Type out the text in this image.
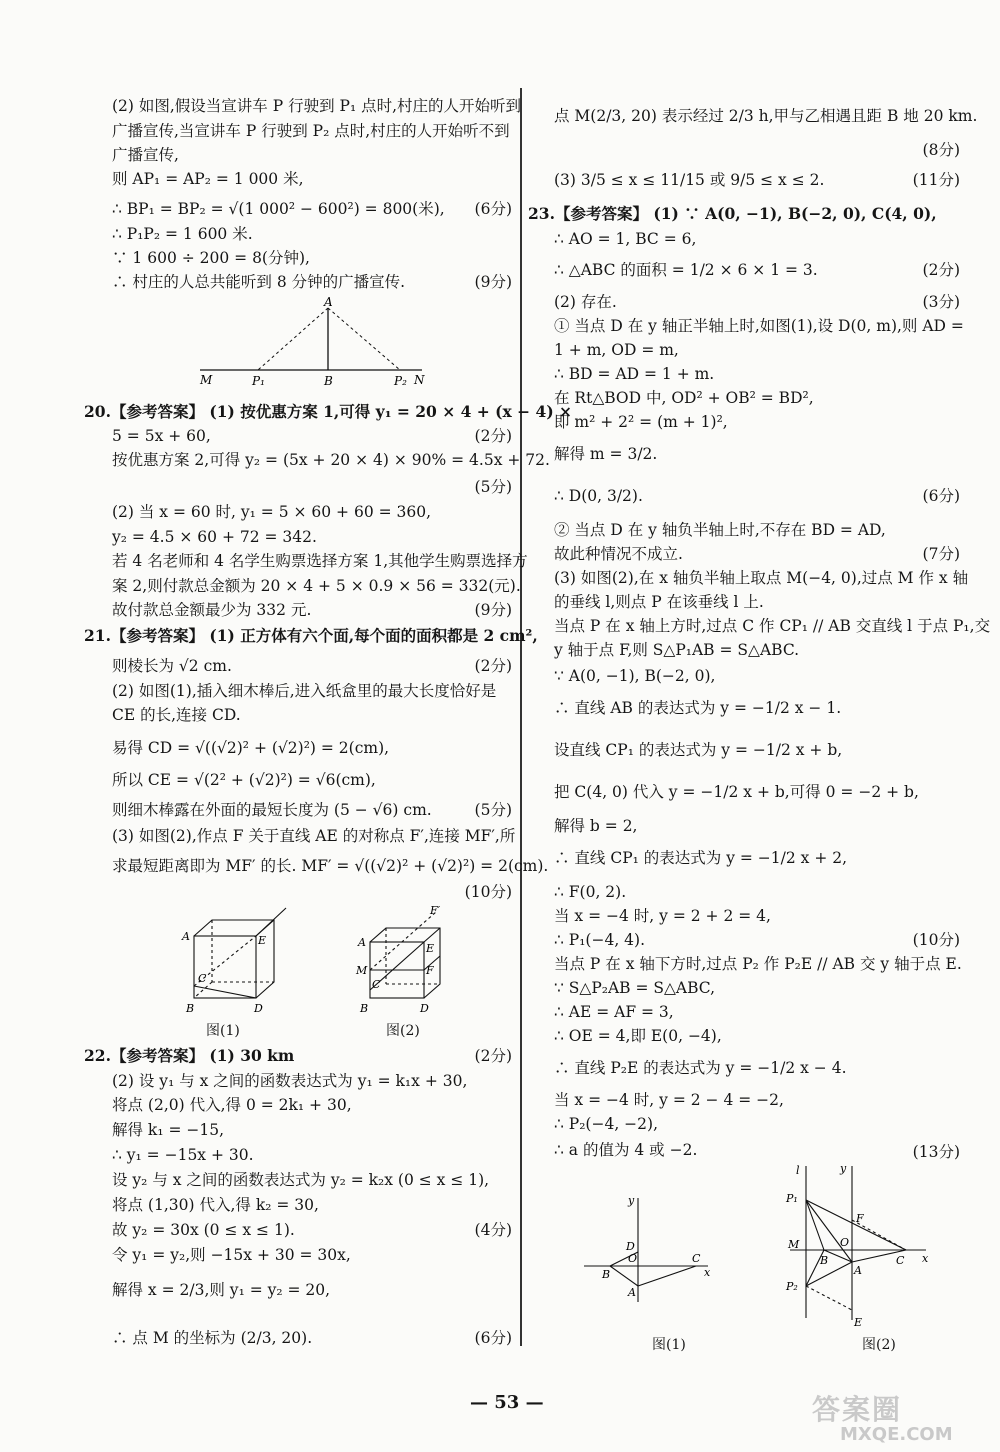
(2) 如图,假设当宣讲车 P 行驶到 P₁ 点时,村庄的人开始听到
广播宣传,当宣讲车 P 行驶到 P₂ 点时,村庄的人开始听不到
广播宣传,
则 AP₁ = AP₂ = 1 000 米,
∴ BP₁ = BP₂ = √(1 000² − 600²) = 800(米), (6分)
∴ P₁P₂ = 1 600 米.
∵ 1 600 ÷ 200 = 8(分钟),
∴ 村庄的人总共能听到 8 分钟的广播宣传.	(9分)
A
M	P₁	B	P₂ N
20.【参考答案】 (1) 按优惠方案 1,可得 y₁ = 20 × 4 + (x − 4) ×
5 = 5x + 60,	(2分)
按优惠方案 2,可得 y₂ = (5x + 20 × 4) × 90% = 4.5x + 72.
(5分)
(2) 当 x = 60 时, y₁ = 5 × 60 + 60 = 360,
y₂ = 4.5 × 60 + 72 = 342.
若 4 名老师和 4 名学生购票选择方案 1,其他学生购票选择方
案 2,则付款总金额为 20 × 4 + 5 × 0.9 × 56 = 332(元).
故付款总金额最少为 332 元.	(9分)
21.【参考答案】 (1) 正方体有六个面,每个面的面积都是 2 cm²,
则棱长为 √2 cm.	(2分)
(2) 如图(1),插入细木棒后,进入纸盒里的最大长度恰好是
CE 的长,连接 CD.
易得 CD = √((√2)² + (√2)²) = 2(cm),
所以 CE = √(2² + (√2)²) = √6(cm),
则细木棒露在外面的最短长度为 (5 − √6) cm.	(5分)
(3) 如图(2),作点 F 关于直线 AE 的对称点 F′,连接 MF′,所
求最短距离即为 MF′ 的长. MF′ = √((√2)² + (√2)²) = 2(cm).
(10分)
A	E
C
B	D
图(1)
F′
A	E
M	F
C
B	D
图(2)
22.【参考答案】 (1) 30 km	(2分)
(2) 设 y₁ 与 x 之间的函数表达式为 y₁ = k₁x + 30,
将点 (2,0) 代入,得 0 = 2k₁ + 30,
解得 k₁ = −15,
∴ y₁ = −15x + 30.
设 y₂ 与 x 之间的函数表达式为 y₂ = k₂x (0 ≤ x ≤ 1),
将点 (1,30) 代入,得 k₂ = 30,
故 y₂ = 30x (0 ≤ x ≤ 1).	(4分)
令 y₁ = y₂,则 −15x + 30 = 30x,
解得 x = 2/3,则 y₁ = y₂ = 20,
∴ 点 M 的坐标为 (2/3, 20).	(6分)
点 M(2/3, 20) 表示经过 2/3 h,甲与乙相遇且距 B 地 20 km.
(8分)
(3) 3/5 ≤ x ≤ 11/15 或 9/5 ≤ x ≤ 2.	(11分)
23.【参考答案】 (1) ∵ A(0, −1), B(−2, 0), C(4, 0),
∴ AO = 1, BC = 6,
∴ △ABC 的面积 = 1/2 × 6 × 1 = 3.	(2分)
(2) 存在.	(3分)
① 当点 D 在 y 轴正半轴上时,如图(1),设 D(0, m),则 AD =
1 + m, OD = m,
∴ BD = AD = 1 + m.
在 Rt△BOD 中, OD² + OB² = BD²,
即 m² + 2² = (m + 1)²,
解得 m = 3/2.
∴ D(0, 3/2).	(6分)
② 当点 D 在 y 轴负半轴上时,不存在 BD = AD,
故此种情况不成立.	(7分)
(3) 如图(2),在 x 轴负半轴上取点 M(−4, 0),过点 M 作 x 轴
的垂线 l,则点 P 在该垂线 l 上.
当点 P 在 x 轴上方时,过点 C 作 CP₁ // AB 交直线 l 于点 P₁,交
y 轴于点 F,则 S△P₁AB = S△ABC.
∵ A(0, −1), B(−2, 0),
∴ 直线 AB 的表达式为 y = −1/2 x − 1.
设直线 CP₁ 的表达式为 y = −1/2 x + b,
把 C(4, 0) 代入 y = −1/2 x + b,可得 0 = −2 + b,
解得 b = 2,
∴ 直线 CP₁ 的表达式为 y = −1/2 x + 2,
∴ F(0, 2).
当 x = −4 时, y = 2 + 2 = 4,
∴ P₁(−4, 4).	(10分)
当点 P 在 x 轴下方时,过点 P₂ 作 P₂E // AB 交 y 轴于点 E.
∵ S△P₂AB = S△ABC,
∴ AE = AF = 3,
∴ OE = 4,即 E(0, −4),
∴ 直线 P₂E 的表达式为 y = −1/2 x − 4.
当 x = −4 时, y = 2 − 4 = −2,
∴ P₂(−4, −2),
∴ a 的值为 4 或 −2.	(13分)
y
D
B
O	C
x
A
图(1)
l	y
P₁
F
M	O
B
A
C x
P₂
E
图(2)
— 53 —	答案圈
MXQE.COM
